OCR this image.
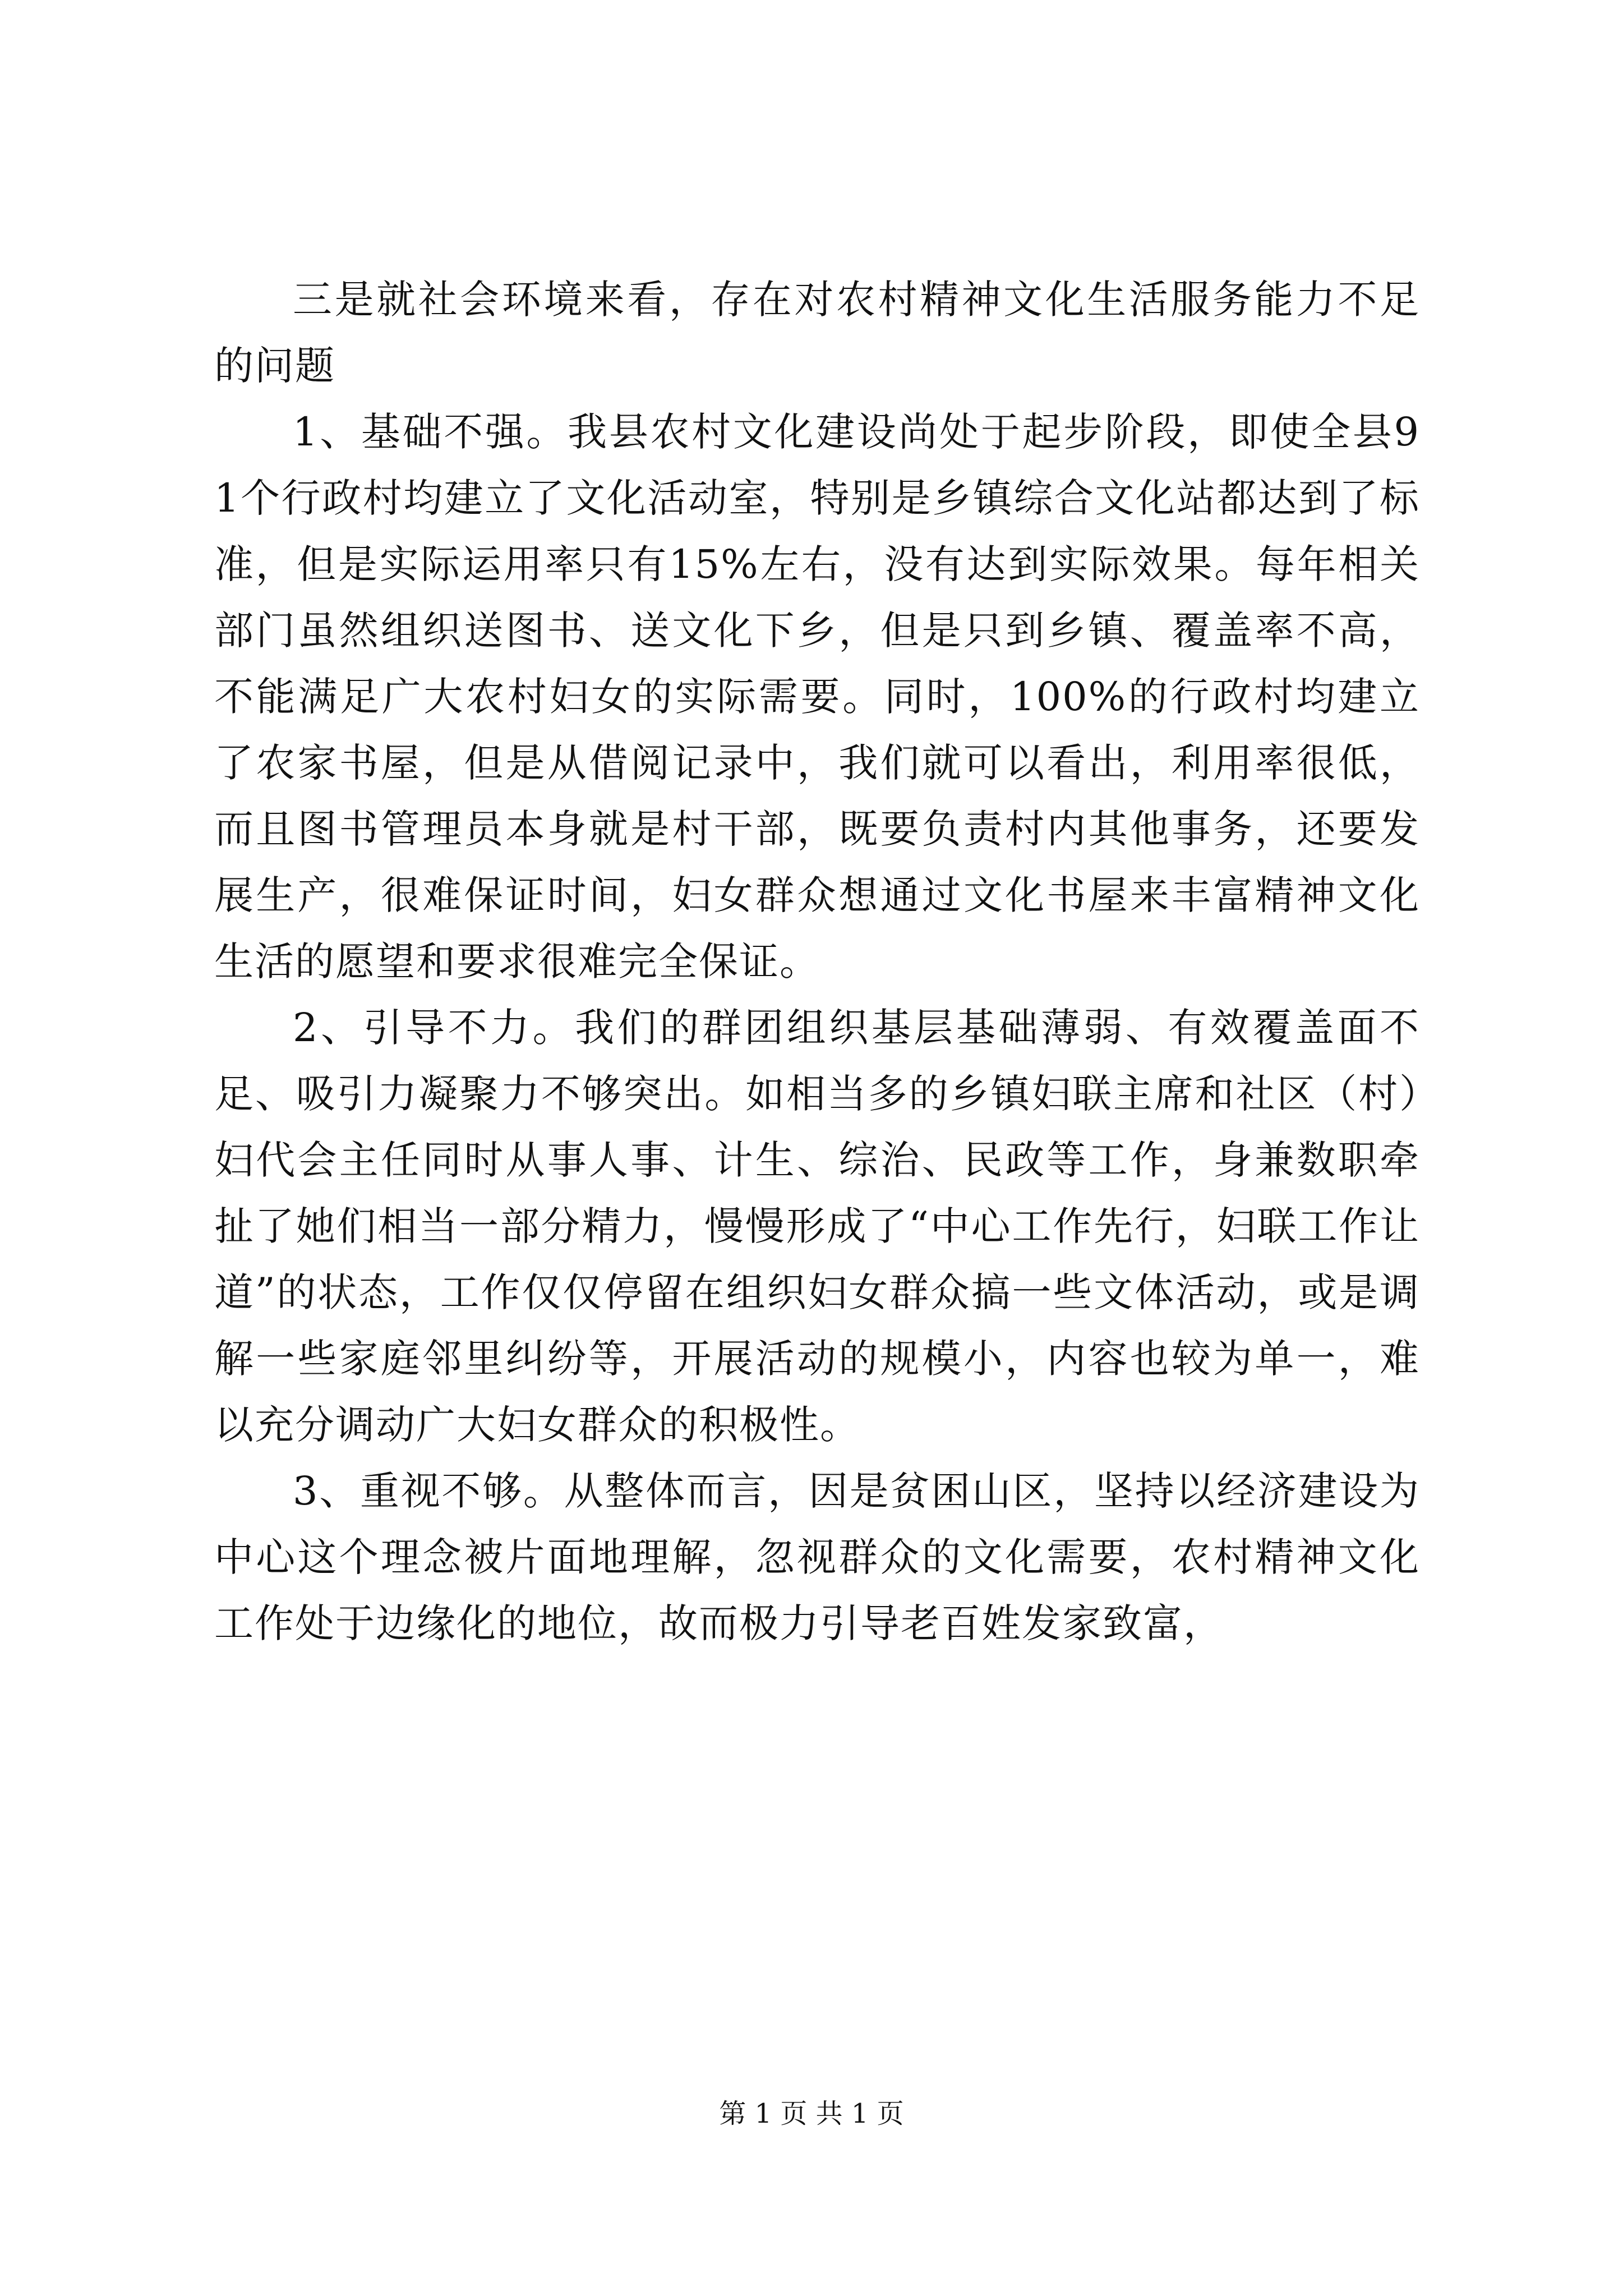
三是就社会环境来看，存在对农村精神文化生活服务能力不足的问题

1、基础不强。我县农村文化建设尚处于起步阶段，即使全县91个行政村均建立了文化活动室，特别是乡镇综合文化站都达到了标准，但是实际运用率只有15%左右，没有达到实际效果。每年相关部门虽然组织送图书、送文化下乡，但是只到乡镇、覆盖率不高，不能满足广大农村妇女的实际需要。同时，100%的行政村均建立了农家书屋，但是从借阅记录中，我们就可以看出，利用率很低，而且图书管理员本身就是村干部，既要负责村内其他事务，还要发展生产，很难保证时间，妇女群众想通过文化书屋来丰富精神文化生活的愿望和要求很难完全保证。

2、引导不力。我们的群团组织基层基础薄弱、有效覆盖面不足、吸引力凝聚力不够突出。如相当多的乡镇妇联主席和社区（村）妇代会主任同时从事人事、计生、综治、民政等工作，身兼数职牵扯了她们相当一部分精力，慢慢形成了“中心工作先行，妇联工作让道”的状态，工作仅仅停留在组织妇女群众搞一些文体活动，或是调解一些家庭邻里纠纷等，开展活动的规模小，内容也较为单一，难以充分调动广大妇女群众的积极性。

3、重视不够。从整体而言，因是贫困山区，坚持以经济建设为中心这个理念被片面地理解，忽视群众的文化需要，农村精神文化工作处于边缘化的地位，故而极力引导老百姓发家致富，

第 1 页 共 1 页
